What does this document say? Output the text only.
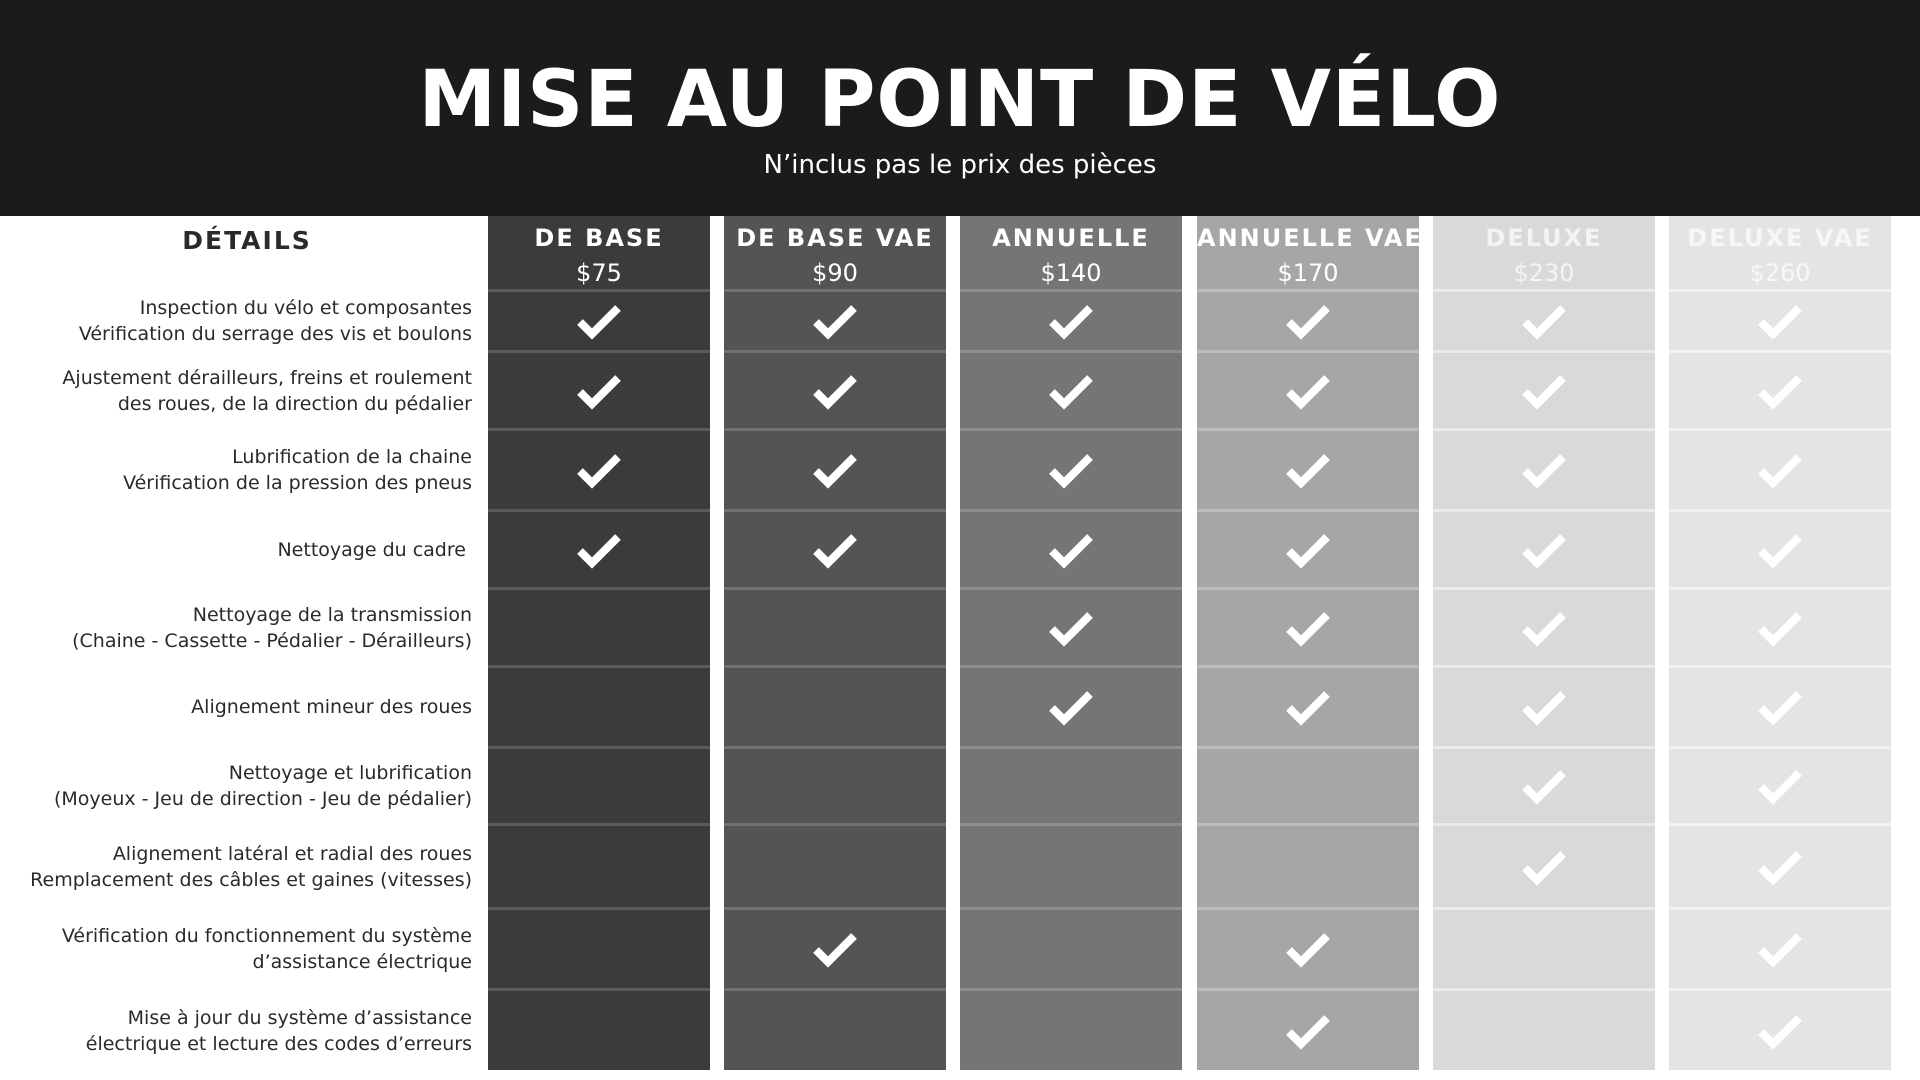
MISE AU POINT DE VÉLO
N’inclus pas le prix des pièces
DÉTAILS	DE BASE
$75
DE BASE VAE
$90
ANNUELLE
$140
ANNUELLE VAE
$170
DELUXE
$230
DELUXE VAE
$260
Inspection du vélo et composantes
Vérification du serrage des vis et boulons
Ajustement dérailleurs, freins et roulement
des roues, de la direction du pédalier
Lubrification de la chaine
Vérification de la pression des pneus
Nettoyage du cadre
Nettoyage de la transmission
(Chaine - Cassette - Pédalier - Dérailleurs)
Alignement mineur des roues
Nettoyage et lubrification
(Moyeux - Jeu de direction - Jeu de pédalier)
Alignement latéral et radial des roues
Remplacement des câbles et gaines (vitesses)
Vérification du fonctionnement du système
d’assistance électrique
Mise à jour du système d’assistance
électrique et lecture des codes d’erreurs
